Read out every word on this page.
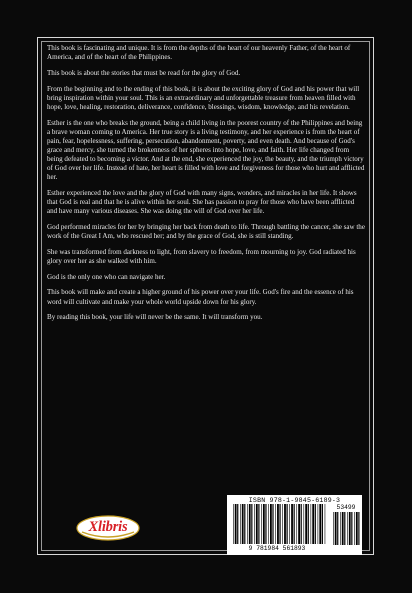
This book is fascinating and unique. It is from the depths of the heart of our heavenly Father, of the heart of America, and of the heart of the Philippines.

This book is about the stories that must be read for the glory of God.

From the beginning and to the ending of this book, it is about the exciting glory of God and his power that will bring inspiration within your soul. This is an extraordinary and unforgettable treasure from heaven filled with hope, love, healing, restoration, deliverance, confidence, blessings, wisdom, knowledge, and his revelation.

Esther is the one who breaks the ground, being a child living in the poorest country of the Philippines and being a brave woman coming to America. Her true story is a living testimony, and her experience is from the heart of pain, fear, hopelessness, suffering, persecution, abandonment, poverty, and even death. And because of God's grace and mercy, she turned the brokenness of her spheres into hope, love, and faith. Her life changed from being defeated to becoming a victor. And at the end, she experienced the joy, the beauty, and the triumph victory of God over her life. Instead of hate, her heart is filled with love and forgiveness for those who hurt and afflicted her.

Esther experienced the love and the glory of God with many signs, wonders, and miracles in her life. It shows that God is real and that he is alive within her soul. She has passion to pray for those who have been afflicted and have many various diseases. She was doing the will of God over her life.

God performed miracles for her by bringing her back from death to life. Through battling the cancer, she saw the work of the Great I Am, who rescued her; and by the grace of God, she is still standing.

She was transformed from darkness to light, from slavery to freedom, from mourning to joy. God radiated his glory over her as she walked with him.

God is the only one who can navigate her.

This book will make and create a higher ground of his power over your life. God's fire and the essence of his word will cultivate and make your whole world upside down for his glory.

By reading this book, your life will never be the same. It will transform you.

Xlibris
ISBN 978-1-9845-6189-3
9 781984 561893
53499
